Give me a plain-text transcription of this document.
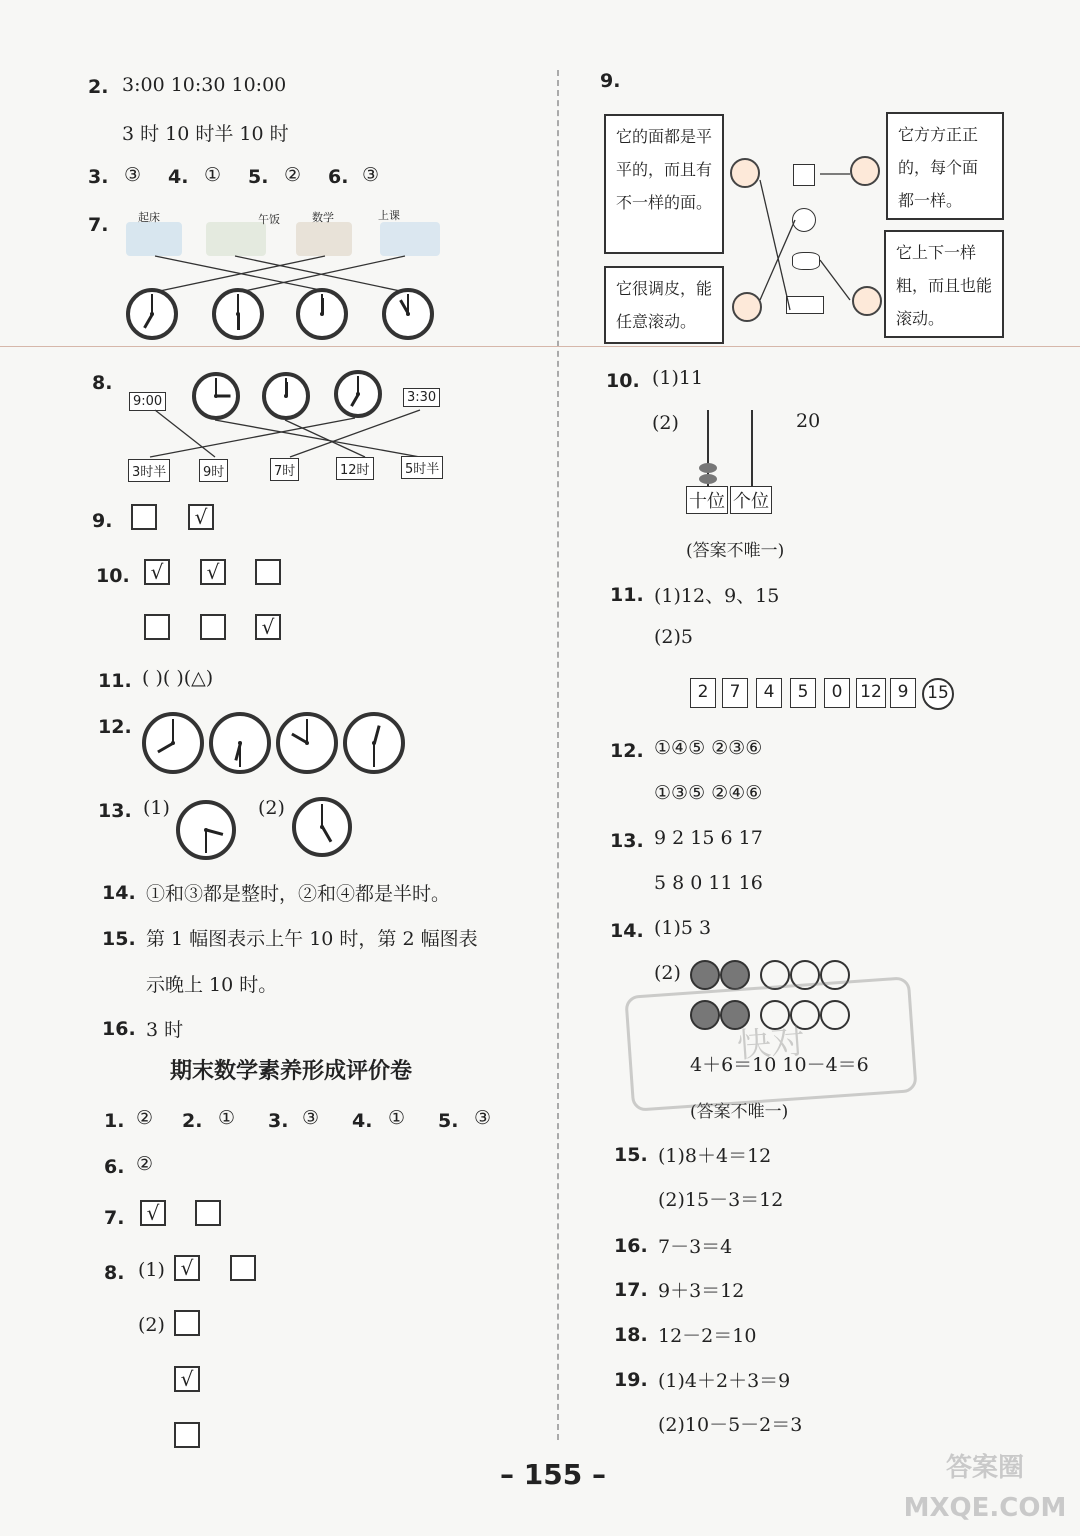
2. 3:00 10:30 10:00
3 时 10 时半 10 时
3. ③ 4. ① 5. ② 6. ③
7.	起床	午饭	数学	上课
8.
9:00	3:30
3时半	9时	7时	12时	5时半
9.	√
10.	√	√
√
11. ( )( )(△)
12.
13. (1)	(2)
14. ①和③都是整时，②和④都是半时。
15. 第 1 幅图表示上午 10 时，第 2 幅图表
示晚上 10 时。
16. 3 时
期末数学素养形成评价卷
1. ② 2. ① 3. ③ 4. ① 5. ③
6. ②
7.	√
8. (1) √
(2)
√
9.
它的面都是平平的，而且有不一样的面。
它很调皮，能任意滚动。
它方方正正的，每个面都一样。
它上下一样粗，而且也能滚动。
10. (1)11
(2)	20
十位 个位
(答案不唯一)
11. (1)12、9、15
(2)5
2	7	4	5	0	12 9	15
12. ①④⑤ ②③⑥
①③⑤ ②④⑥
13. 9 2 15 6 17
5 8 0 11 16
14. (1)5 3
(2)
4＋6＝10 10－4＝6
(答案不唯一)
15. (1)8＋4＝12
(2)15－3＝12
16. 7－3＝4
17. 9＋3＝12
18. 12－2＝10
19. (1)4＋2＋3＝9
(2)10－5－2＝3
快对
– 155 –	答案圈 MXQE.COM
